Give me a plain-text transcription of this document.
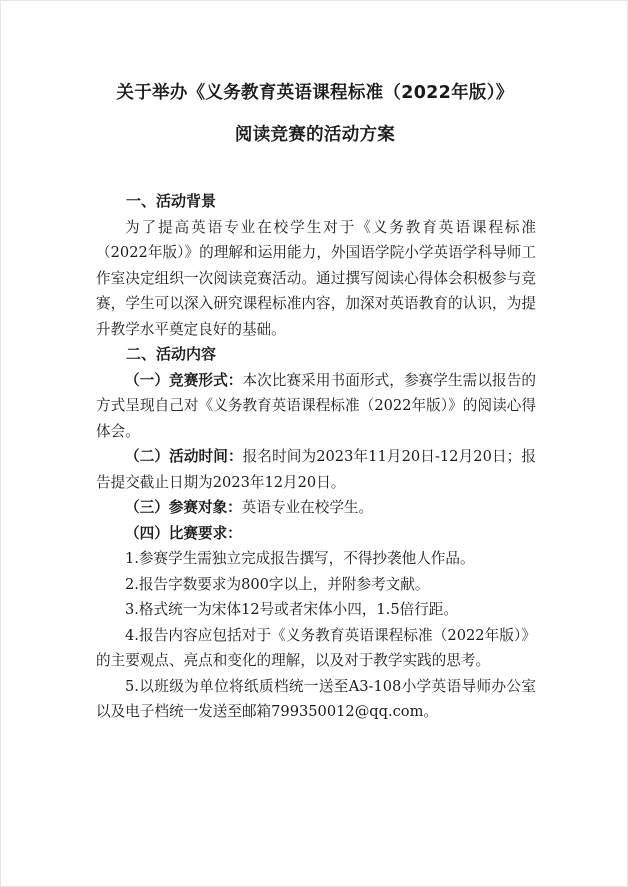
关于举办《义务教育英语课程标准（2022年版）》
阅读竞赛的活动方案

一、活动背景

为了提高英语专业在校学生对于《义务教育英语课程标准（2022年版）》的理解和运用能力，外国语学院小学英语学科导师工作室决定组织一次阅读竞赛活动。通过撰写阅读心得体会积极参与竞赛，学生可以深入研究课程标准内容，加深对英语教育的认识，为提升教学水平奠定良好的基础。

二、活动内容

（一）竞赛形式：本次比赛采用书面形式，参赛学生需以报告的方式呈现自己对《义务教育英语课程标准（2022年版）》的阅读心得体会。

（二）活动时间：报名时间为2023年11月20日-12月20日；报告提交截止日期为2023年12月20日。

（三）参赛对象：英语专业在校学生。

（四）比赛要求：

1.参赛学生需独立完成报告撰写，不得抄袭他人作品。

2.报告字数要求为800字以上，并附参考文献。

3.格式统一为宋体12号或者宋体小四，1.5倍行距。

4.报告内容应包括对于《义务教育英语课程标准（2022年版）》的主要观点、亮点和变化的理解，以及对于教学实践的思考。

5.以班级为单位将纸质档统一送至A3-108小学英语导师办公室以及电子档统一发送至邮箱799350012@qq.com。
